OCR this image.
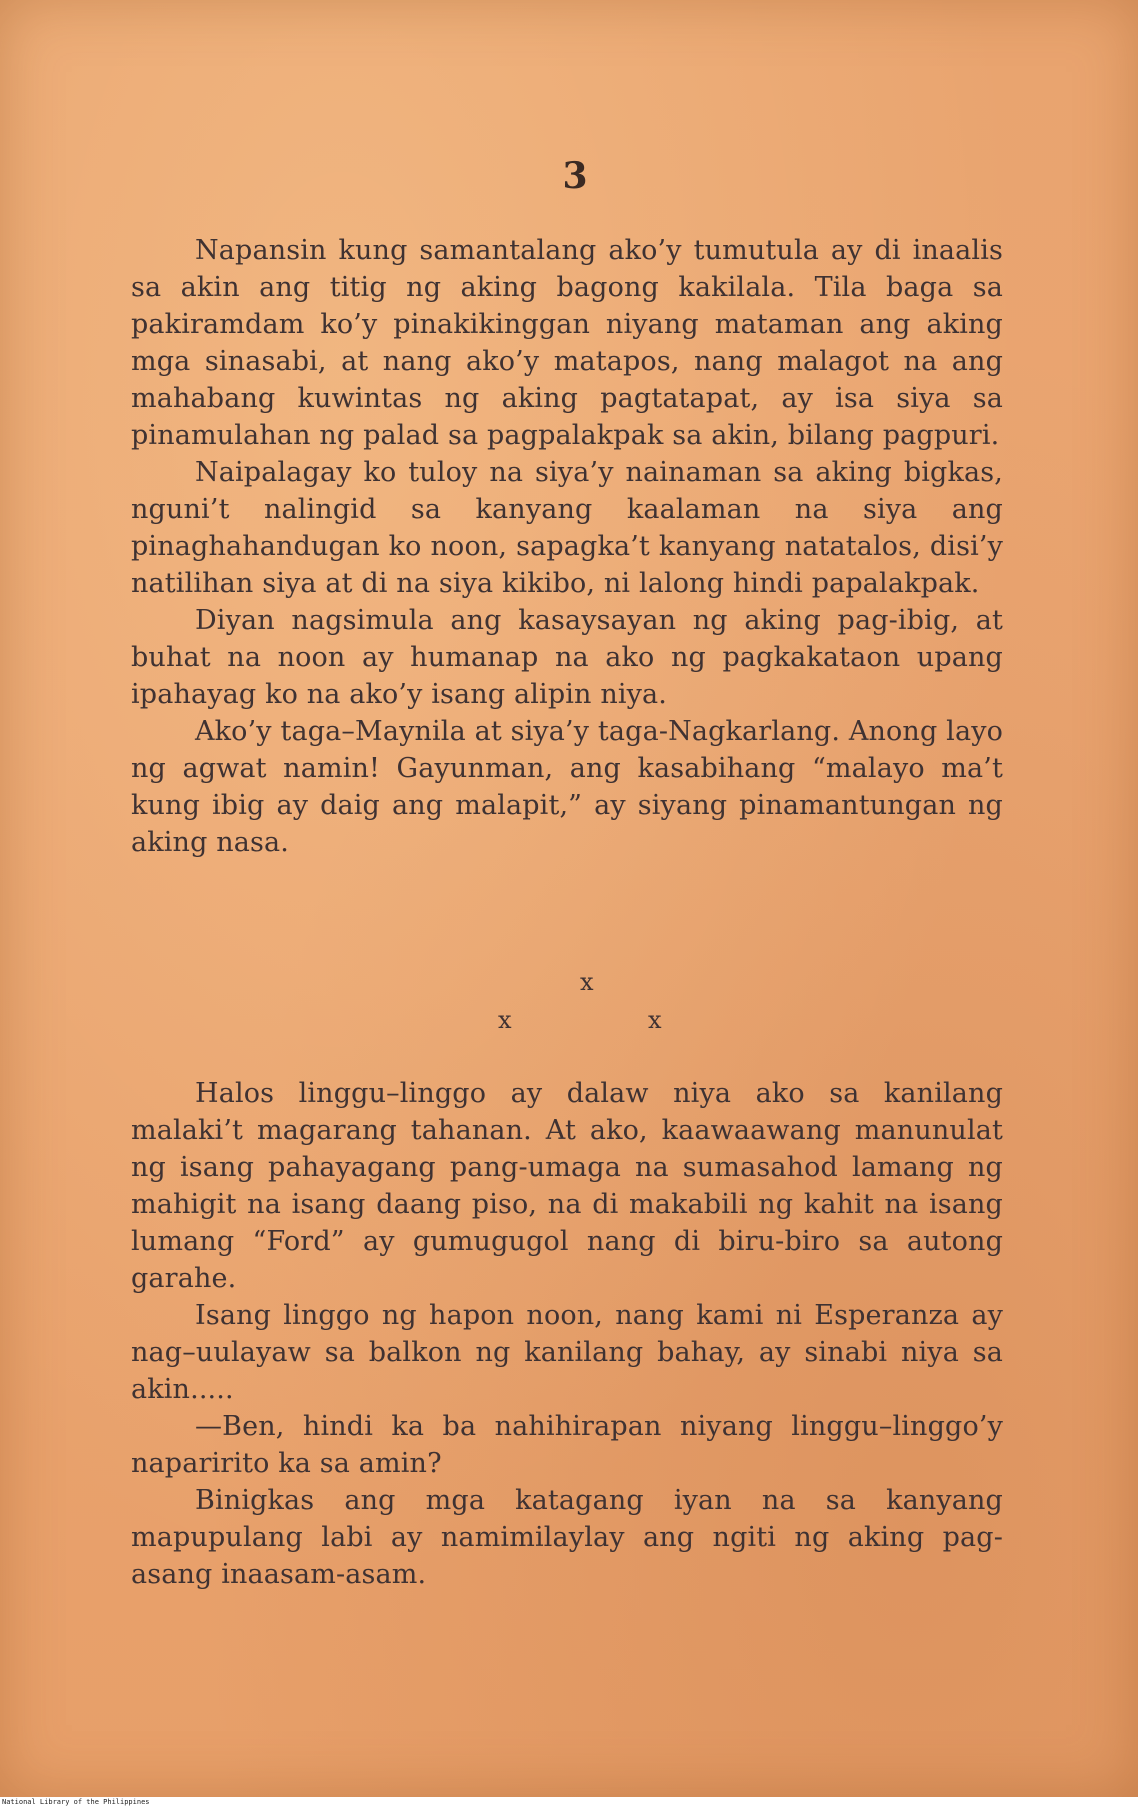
3

Napansin kung samantalang ako’y tumutula ay di inaalis sa akin ang titig ng aking bagong kakilala. Tila baga sa pakiramdam ko’y pinakikinggan niyang mataman ang aking mga sinasabi, at nang ako’y matapos, nang malagot na ang mahabang kuwintas ng aking pagtatapat, ay isa siya sa pinamulahan ng palad sa pagpalakpak sa akin, bilang pagpuri.

Naipalagay ko tuloy na siya’y nainaman sa aking bigkas, nguni’t nalingid sa kanyang kaalaman na siya ang pinaghahandugan ko noon, sapagka’t kanyang natatalos, disi’y natilihan siya at di na siya kikibo, ni lalong hindi papalakpak.

Diyan nagsimula ang kasaysayan ng aking pag-ibig, at buhat na noon ay humanap na ako ng pagkakataon upang ipahayag ko na ako’y isang alipin niya.

Ako’y taga–Maynila at siya’y taga-Nagkarlang. Anong layo ng agwat namin! Gayunman, ang kasabihang “malayo ma’t kung ibig ay daig ang malapit,” ay siyang pinamantungan ng aking nasa.

x
x	x

Halos linggu–linggo ay dalaw niya ako sa kanilang malaki’t magarang tahanan. At ako, kaawaawang manunulat ng isang pahayagang pang-umaga na sumasahod lamang ng mahigit na isang daang piso, na di makabili ng kahit na isang lumang “Ford” ay gumugugol nang di biru-biro sa autong garahe.

Isang linggo ng hapon noon, nang kami ni Esperanza ay nag–uulayaw sa balkon ng kanilang bahay, ay sinabi niya sa akin.....

—Ben, hindi ka ba nahihirapan niyang linggu–linggo’y naparirito ka sa amin?

Binigkas ang mga katagang iyan na sa kanyang mapupulang labi ay namimilaylay ang ngiti ng aking pag-asang inaasam-asam.

National Library of the Philippines
